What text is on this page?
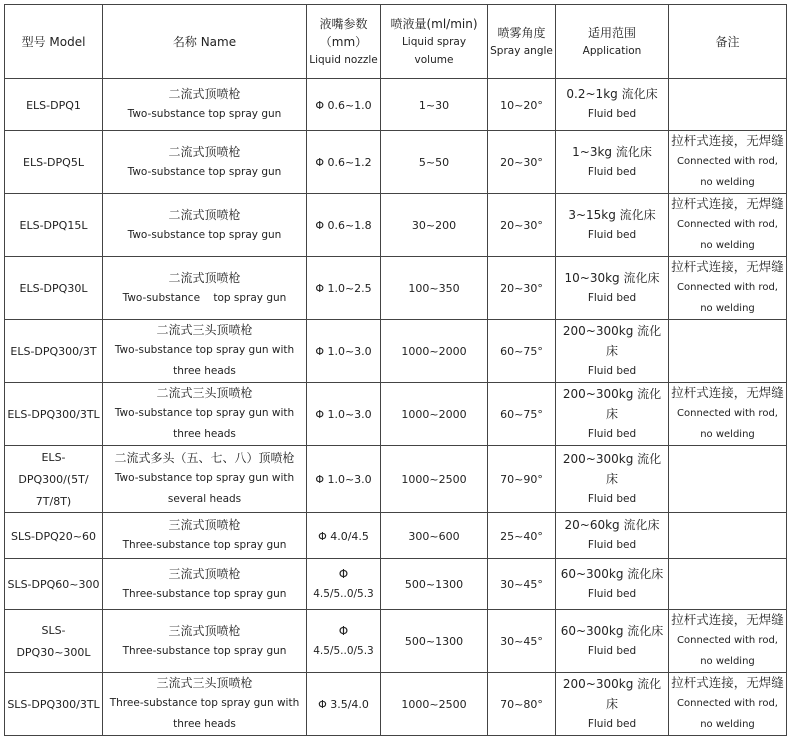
型号 Model	名称 Name	液嘴参数
（mm）
Liquid nozzle	喷液量(ml/min)
Liquid spray
volume	喷雾角度
Spray angle	适用范围
Application	备注

ELS-DPQ1	二流式顶喷枪
Two-substance top spray gun	Φ 0.6~1.0	1~30	10~20°	0.2~1kg 流化床
Fluid bed	

ELS-DPQ5L	二流式顶喷枪
Two-substance top spray gun	Φ 0.6~1.2	5~50	20~30°	1~3kg 流化床
Fluid bed	拉杆式连接，无焊缝
Connected with rod,
no welding

ELS-DPQ15L	二流式顶喷枪
Two-substance top spray gun	Φ 0.6~1.8	30~200	20~30°	3~15kg 流化床
Fluid bed	拉杆式连接，无焊缝
Connected with rod,
no welding

ELS-DPQ30L	二流式顶喷枪
Two-substance    top spray gun	Φ 1.0~2.5	100~350	20~30°	10~30kg 流化床
Fluid bed	拉杆式连接，无焊缝
Connected with rod,
no welding

ELS-DPQ300/3T	二流式三头顶喷枪
Two-substance top spray gun with
three heads	Φ 1.0~3.0	1000~2000	60~75°	200~300kg 流化床
Fluid bed	

ELS-DPQ300/3TL	二流式三头顶喷枪
Two-substance top spray gun with
three heads	Φ 1.0~3.0	1000~2000	60~75°	200~300kg 流化床
Fluid bed	拉杆式连接，无焊缝
Connected with rod,
no welding

ELS-DPQ300/(5T/ 7T/8T)	二流式多头（五、七、八）顶喷枪
Two-substance top spray gun with
several heads	Φ 1.0~3.0	1000~2500	70~90°	200~300kg 流化床
Fluid bed	

SLS-DPQ20~60	三流式顶喷枪
Three-substance top spray gun	Φ 4.0/4.5	300~600	25~40°	20~60kg 流化床
Fluid bed	

SLS-DPQ60~300	三流式顶喷枪
Three-substance top spray gun	Φ
4.5/5..0/5.3	500~1300	30~45°	60~300kg 流化床
Fluid bed	

SLS-DPQ30~300L	三流式顶喷枪
Three-substance top spray gun	Φ
4.5/5..0/5.3	500~1300	30~45°	60~300kg 流化床
Fluid bed	拉杆式连接，无焊缝
Connected with rod,
no welding

SLS-DPQ300/3TL	三流式三头顶喷枪
Three-substance top spray gun with
three heads	Φ 3.5/4.0	1000~2500	70~80°	200~300kg 流化床
Fluid bed	拉杆式连接，无焊缝
Connected with rod,
no welding
